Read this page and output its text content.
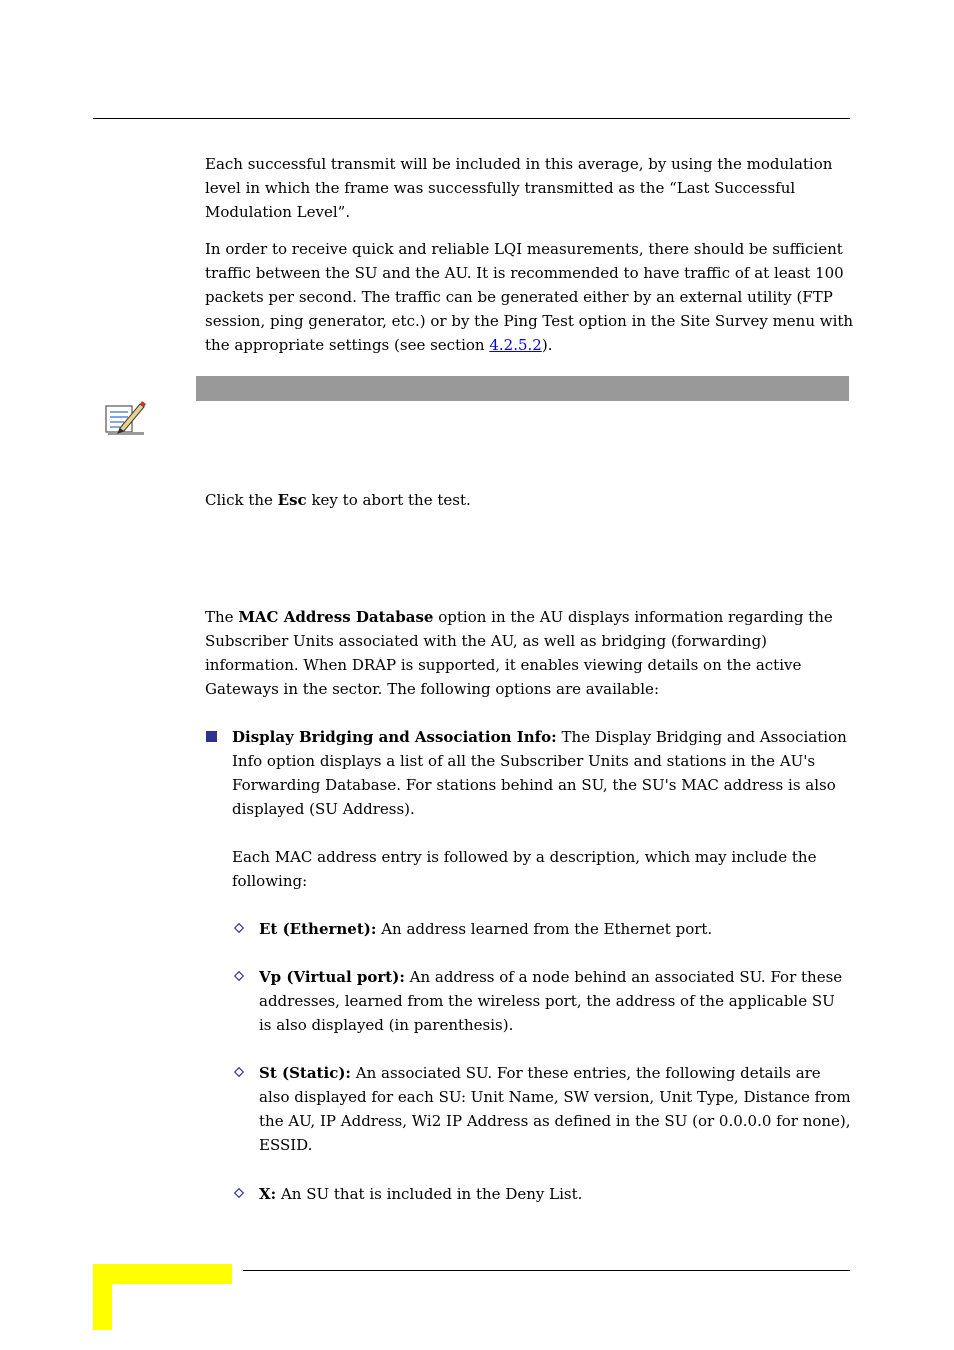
Each successful transmit will be included in this average, by using the modulation level in which the frame was successfully transmitted as the “Last Successful Modulation Level”.

In order to receive quick and reliable LQI measurements, there should be sufficient traffic between the SU and the AU. It is recommended to have traffic of at least 100 packets per second. The traffic can be generated either by an external utility (FTP session, ping generator, etc.) or by the Ping Test option in the Site Survey menu with the appropriate settings (see section 4.2.5.2).

Click the Esc key to abort the test.

The MAC Address Database option in the AU displays information regarding the Subscriber Units associated with the AU, as well as bridging (forwarding) information. When DRAP is supported, it enables viewing details on the active Gateways in the sector. The following options are available:

Display Bridging and Association Info: The Display Bridging and Association Info option displays a list of all the Subscriber Units and stations in the AU's Forwarding Database. For stations behind an SU, the SU's MAC address is also displayed (SU Address).

Each MAC address entry is followed by a description, which may include the following:

Et (Ethernet): An address learned from the Ethernet port.

Vp (Virtual port): An address of a node behind an associated SU. For these addresses, learned from the wireless port, the address of the applicable SU is also displayed (in parenthesis).

St (Static): An associated SU. For these entries, the following details are also displayed for each SU: Unit Name, SW version, Unit Type, Distance from the AU, IP Address, Wi2 IP Address as defined in the SU (or 0.0.0.0 for none), ESSID.

X: An SU that is included in the Deny List.
